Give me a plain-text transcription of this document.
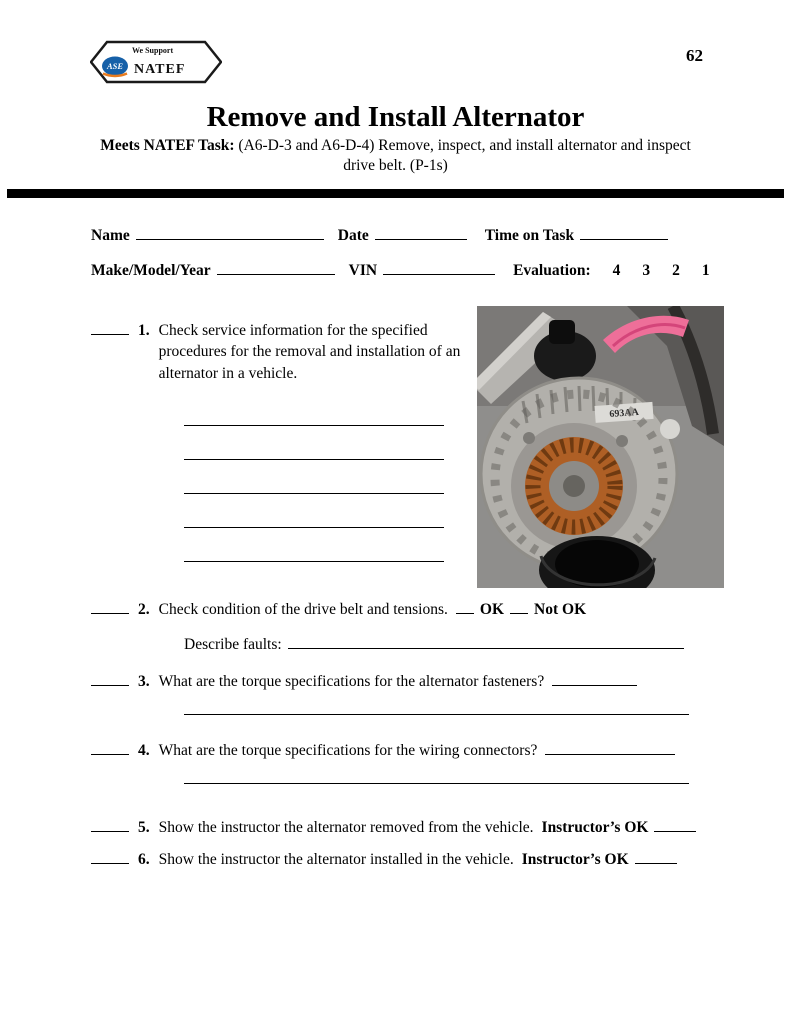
We Support
ASE NATEF
62
Remove and Install Alternator

Meets NATEF Task: (A6-D-3 and A6-D-4) Remove, inspect, and install alternator and inspect
drive belt. (P-1s)

Name	Date	Time on Task
Make/Model/Year	VIN	Evaluation: 4 3 2 1
1. Check service information for the specified procedures for the removal and installation of an alternator in a vehicle.
693AA
2. Check condition of the drive belt and tensions. OK Not OK
Describe faults:
3. What are the torque specifications for the alternator fasteners?
4. What are the torque specifications for the wiring connectors?
5. Show the instructor the alternator removed from the vehicle. Instructor’s OK
6. Show the instructor the alternator installed in the vehicle. Instructor’s OK
